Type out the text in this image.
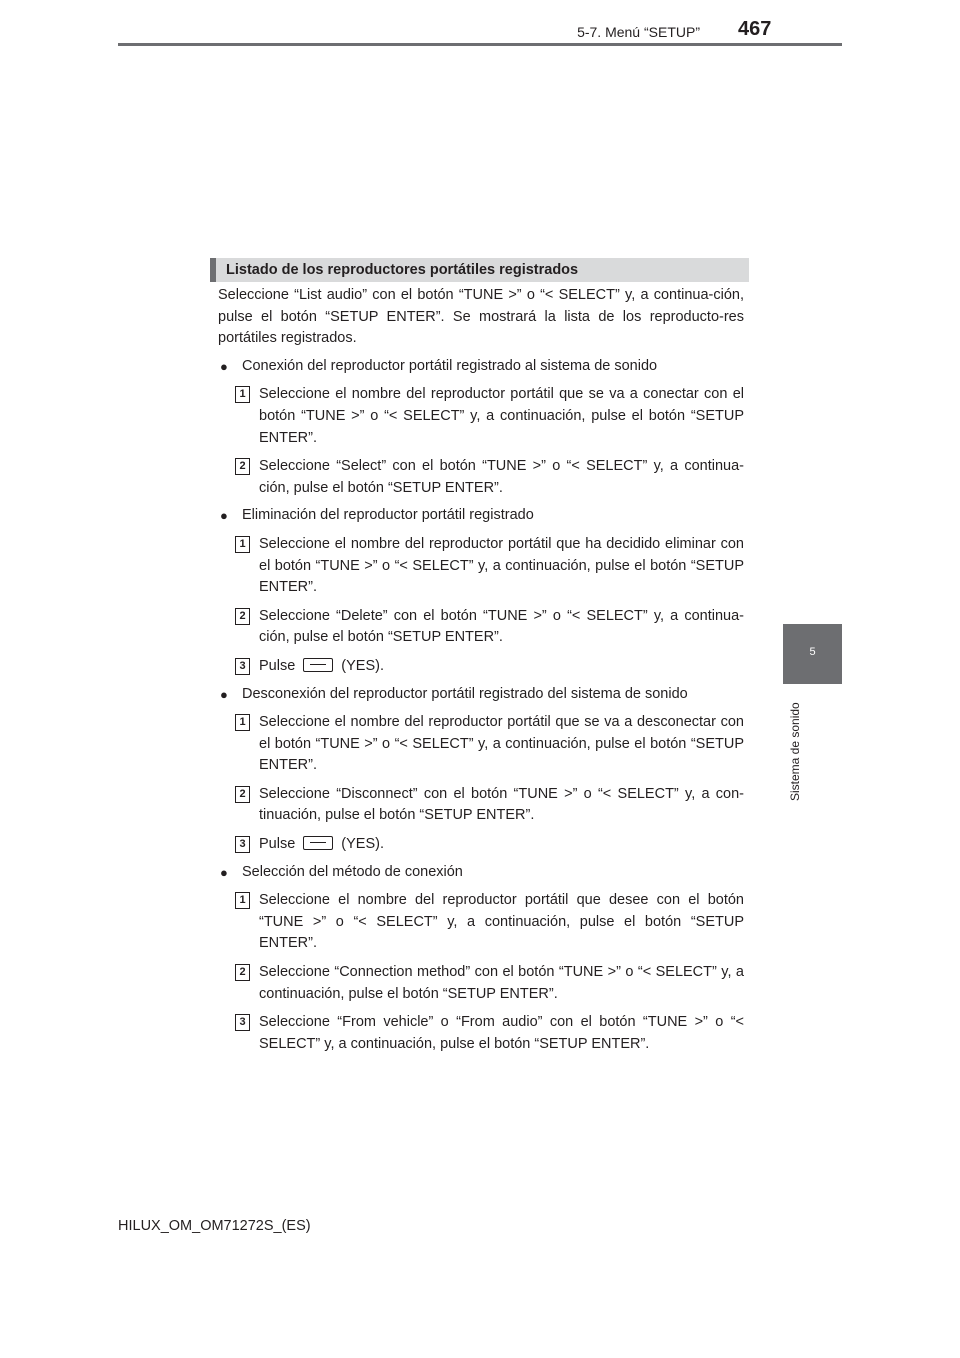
5-7. Menú “SETUP” 467
5
Sistema de sonido
Listado de los reproductores portátiles registrados

Seleccione “List audio” con el botón “TUNE >” o “< SELECT” y, a continua-ción, pulse el botón “SETUP ENTER”. Se mostrará la lista de los reproducto-res portátiles registrados.

● Conexión del reproductor portátil registrado al sistema de sonido
1 Seleccione el nombre del reproductor portátil que se va a conectar con el botón “TUNE >” o “< SELECT” y, a continuación, pulse el botón “SETUP ENTER”.
2 Seleccione “Select” con el botón “TUNE >” o “< SELECT” y, a continua-ción, pulse el botón “SETUP ENTER”.
● Eliminación del reproductor portátil registrado
1 Seleccione el nombre del reproductor portátil que ha decidido eliminar con el botón “TUNE >” o “< SELECT” y, a continuación, pulse el botón “SETUP ENTER”.
2 Seleccione “Delete” con el botón “TUNE >” o “< SELECT” y, a continua-ción, pulse el botón “SETUP ENTER”.
3 Pulse	(YES).
● Desconexión del reproductor portátil registrado del sistema de sonido
1 Seleccione el nombre del reproductor portátil que se va a desconectar con el botón “TUNE >” o “< SELECT” y, a continuación, pulse el botón “SETUP ENTER”.
2 Seleccione “Disconnect” con el botón “TUNE >” o “< SELECT” y, a con-tinuación, pulse el botón “SETUP ENTER”.
3 Pulse	(YES).
● Selección del método de conexión
1 Seleccione el nombre del reproductor portátil que desee con el botón “TUNE >” o “< SELECT” y, a continuación, pulse el botón “SETUP ENTER”.
2 Seleccione “Connection method” con el botón “TUNE >” o “< SELECT” y, a continuación, pulse el botón “SETUP ENTER”.
3 Seleccione “From vehicle” o “From audio” con el botón “TUNE >” o “< SELECT” y, a continuación, pulse el botón “SETUP ENTER”.
HILUX_OM_OM71272S_(ES)
